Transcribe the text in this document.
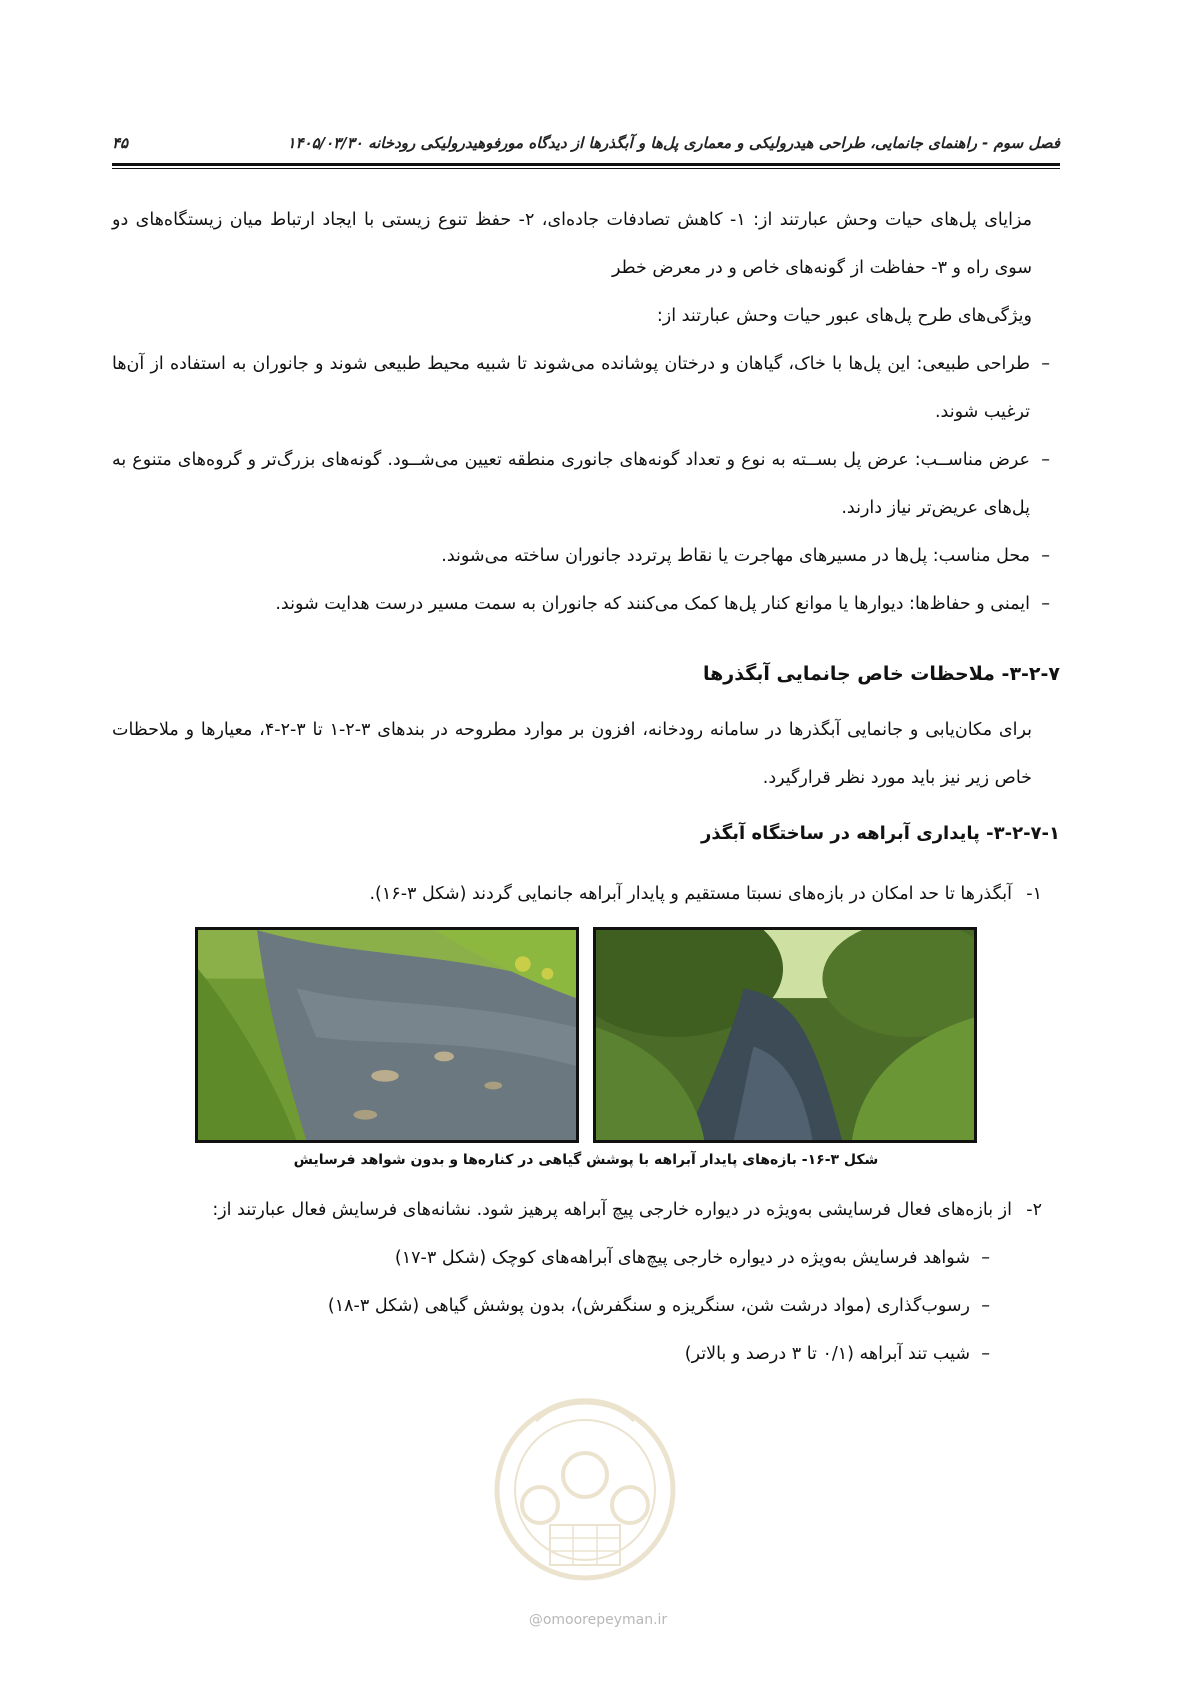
۴۵	فصل سوم - راهنمای جانمایی، طراحی هیدرولیکی و معماری پل‌ها و آبگذرها از دیدگاه مورفوهیدرولیکی رودخانه ۱۴۰۵/۰۳/۳۰

مزایای پل‌های حیات وحش عبارتند از: ۱- کاهش تصادفات جاده‌ای، ۲- حفظ تنوع زیستی با ایجاد ارتباط میان زیستگاه‌های دو سوی راه و ۳- حفاظت از گونه‌های خاص و در معرض خطر

ویژگی‌های طرح پل‌های عبور حیات وحش عبارتند از:

–
طراحی طبیعی: این پل‌ها با خاک، گیاهان و درختان پوشانده می‌شوند تا شبیه محیط طبیعی شوند و جانوران به استفاده از آن‌ها ترغیب شوند.
–
عرض مناســب: عرض پل بســته به نوع و تعداد گونه‌های جانوری منطقه تعیین می‌شــود. گونه‌های بزرگ‌تر و گروه‌های متنوع به پل‌های عریض‌تر نیاز دارند.
–
محل مناسب: پل‌ها در مسیرهای مهاجرت یا نقاط پرتردد جانوران ساخته می‌شوند.
–
ایمنی و حفاظ‌ها: دیوارها یا موانع کنار پل‌ها کمک می‌کنند که جانوران به سمت مسیر درست هدایت شوند.

۳-۲-۷- ملاحظات خاص جانمایی آبگذرها

برای مکان‌یابی و جانمایی آبگذرها در سامانه رودخانه، افزون بر موارد مطروحه در بندهای ۳-۲-۱ تا ۳-۲-۴، معیارها و ملاحظات خاص زیر نیز باید مورد نظر قرارگیرد.

۳-۲-۷-۱- پایداری آبراهه در ساختگاه آبگذر

۱-
آبگذرها تا حد امکان در بازه‌های نسبتا مستقیم و پایدار آبراهه جانمایی گردند (شکل ۳-۱۶).
شکل ۳-۱۶- بازه‌های پایدار آبراهه با پوشش گیاهی در کناره‌ها و بدون شواهد فرسایش
۲-
از بازه‌های فعال فرسایشی به‌ویژه در دیواره خارجی پیچ آبراهه پرهیز شود. نشانه‌های فرسایش فعال عبارتند از:
–
شواهد فرسایش به‌ویژه در دیواره خارجی پیچ‌های آبراهه‌های کوچک (شکل ۳-۱۷)
–
رسوب‌گذاری (مواد درشت شن، سنگریزه و سنگفرش)، بدون پوشش گیاهی (شکل ۳-۱۸)
–
شیب تند آبراهه (۰/۱ تا ۳ درصد و بالاتر)
@omoorepeyman.ir
